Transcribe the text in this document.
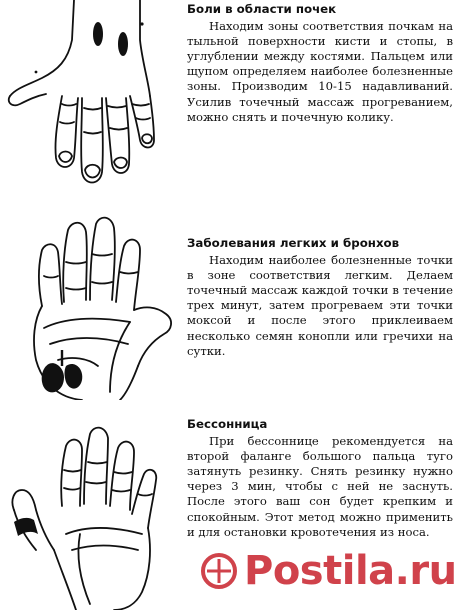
Боли в области почек

Находим зоны соответствия почкам на тыльной поверхности кисти и стопы, в углублении между костями. Пальцем или щупом определяем наиболее болезненные зоны. Производим 10-15 надавливаний. Усилив точечный массаж прогреванием, можно снять и почечную колику.

Заболевания легких и бронхов

Находим наиболее болезненные точки в зоне соответствия легким. Делаем точечный массаж каждой точки в течение трех минут, затем прогреваем эти точки моксой и после этого приклеиваем несколько семян конопли или гречихи на сутки.

Бессонница

При бессоннице рекомендуется на второй фаланге большого пальца туго затянуть резинку. Снять резинку нужно через 3 мин, чтобы с ней не заснуть. После этого ваш сон будет крепким и спокойным. Этот метод можно применить и для остановки кровотечения из носа.

Postila.ru
